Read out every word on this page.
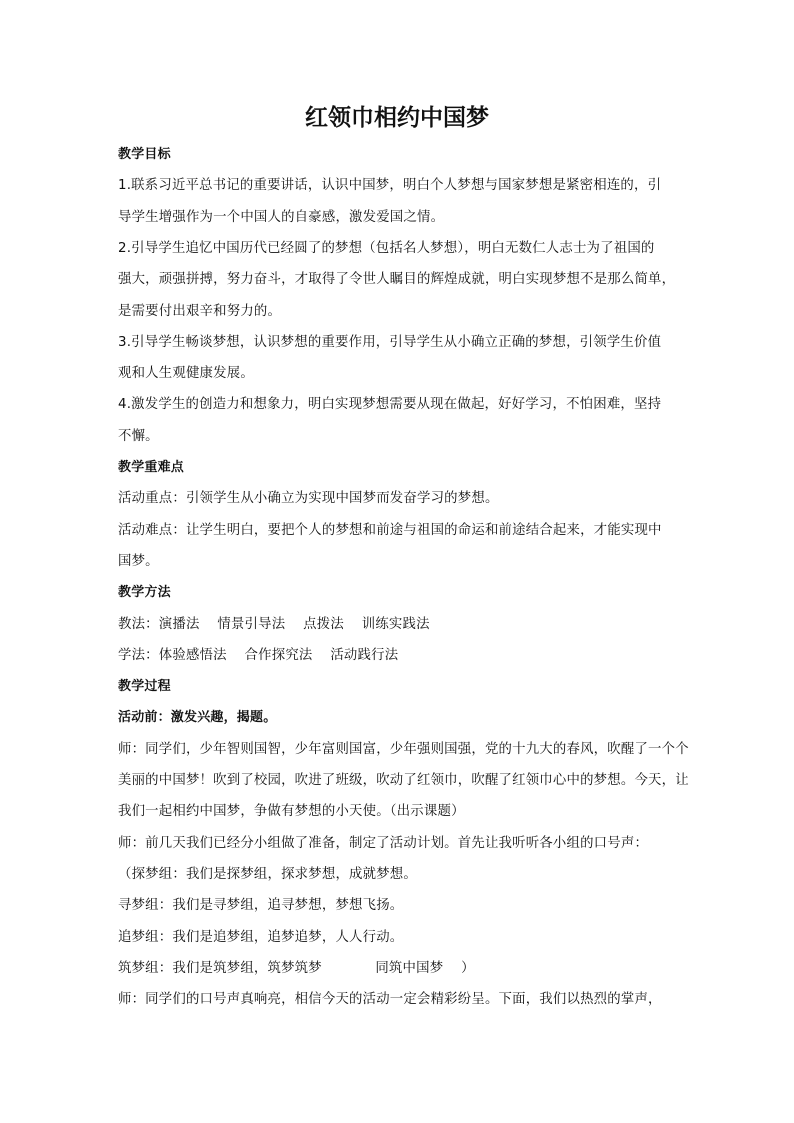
红领巾相约中国梦
教学目标
1.联系习近平总书记的重要讲话，认识中国梦，明白个人梦想与国家梦想是紧密相连的，引
导学生增强作为一个中国人的自豪感，激发爱国之情。
2.引导学生追忆中国历代已经圆了的梦想（包括名人梦想），明白无数仁人志士为了祖国的
强大，顽强拼搏，努力奋斗，才取得了令世人瞩目的辉煌成就，明白实现梦想不是那么简单，
是需要付出艰辛和努力的。
3.引导学生畅谈梦想，认识梦想的重要作用，引导学生从小确立正确的梦想，引领学生价值
观和人生观健康发展。
4.激发学生的创造力和想象力，明白实现梦想需要从现在做起，好好学习，不怕困难，坚持
不懈。
教学重难点
活动重点：引领学生从小确立为实现中国梦而发奋学习的梦想。
活动难点：让学生明白，要把个人的梦想和前途与祖国的命运和前途结合起来，才能实现中
国梦。
教学方法
教法：演播法    情景引导法    点拨法    训练实践法
学法：体验感悟法    合作探究法    活动践行法
教学过程
活动前：激发兴趣，揭题。
师：同学们，少年智则国智，少年富则国富，少年强则国强，党的十九大的春风，吹醒了一个个
美丽的中国梦！吹到了校园，吹进了班级，吹动了红领巾，吹醒了红领巾心中的梦想。今天，让
我们一起相约中国梦，争做有梦想的小天使。（出示课题）
师：前几天我们已经分小组做了准备，制定了活动计划。首先让我听听各小组的口号声：
（探梦组：我们是探梦组，探求梦想，成就梦想。
寻梦组：我们是寻梦组，追寻梦想，梦想飞扬。
追梦组：我们是追梦组，追梦追梦，人人行动。
筑梦组：我们是筑梦组，筑梦筑梦            同筑中国梦    ）
师：同学们的口号声真响亮，相信今天的活动一定会精彩纷呈。下面，我们以热烈的掌声，
